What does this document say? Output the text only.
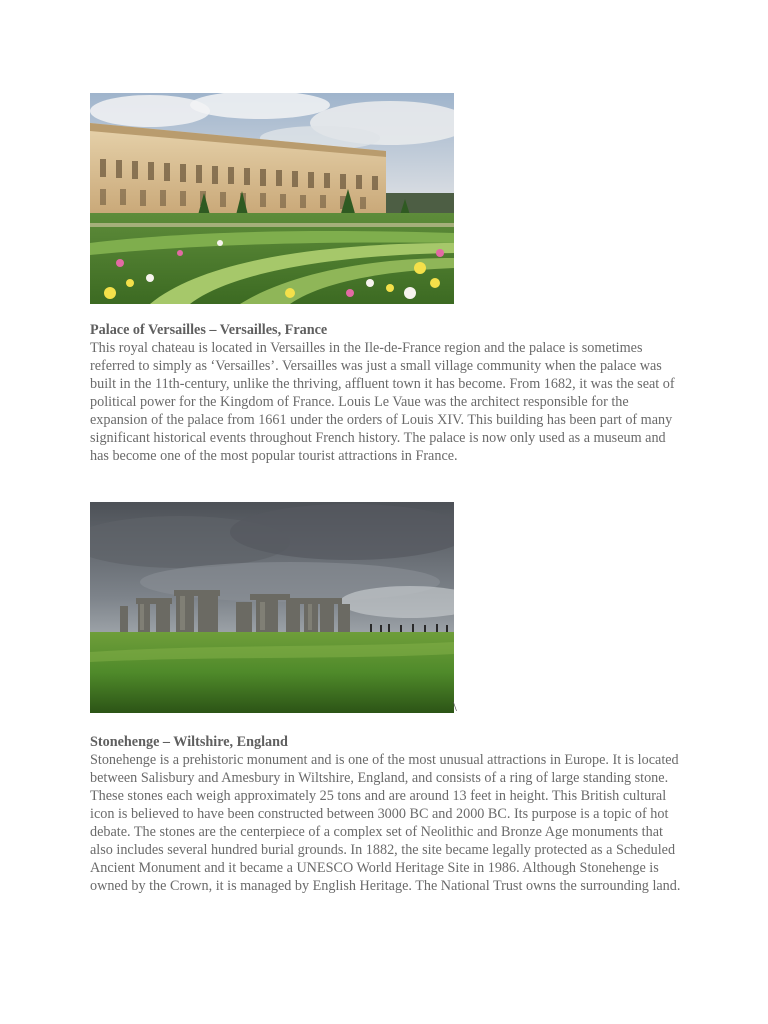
Palace of Versailles – Versailles, France

This royal chateau is located in Versailles in the Ile-de-France region and the palace is sometimes referred to simply as ‘Versailles’. Versailles was just a small village community when the palace was built in the 11th-century, unlike the thriving, affluent town it has become. From 1682, it was the seat of political power for the Kingdom of France. Louis Le Vaue was the architect responsible for the expansion of the palace from 1661 under the orders of Louis XIV. This building has been part of many significant historical events throughout French history. The palace is now only used as a museum and has become one of the most popular tourist attractions in France.

\
Stonehenge – Wiltshire, England

Stonehenge is a prehistoric monument and is one of the most unusual attractions in Europe. It is located between Salisbury and Amesbury in Wiltshire, England, and consists of a ring of large standing stone. These stones each weigh approximately 25 tons and are around 13 feet in height. This British cultural icon is believed to have been constructed between 3000 BC and 2000 BC. Its purpose is a topic of hot debate. The stones are the centerpiece of a complex set of Neolithic and Bronze Age monuments that also includes several hundred burial grounds. In 1882, the site became legally protected as a Scheduled Ancient Monument and it became a UNESCO World Heritage Site in 1986. Although Stonehenge is owned by the Crown, it is managed by English Heritage. The National Trust owns the surrounding land.
